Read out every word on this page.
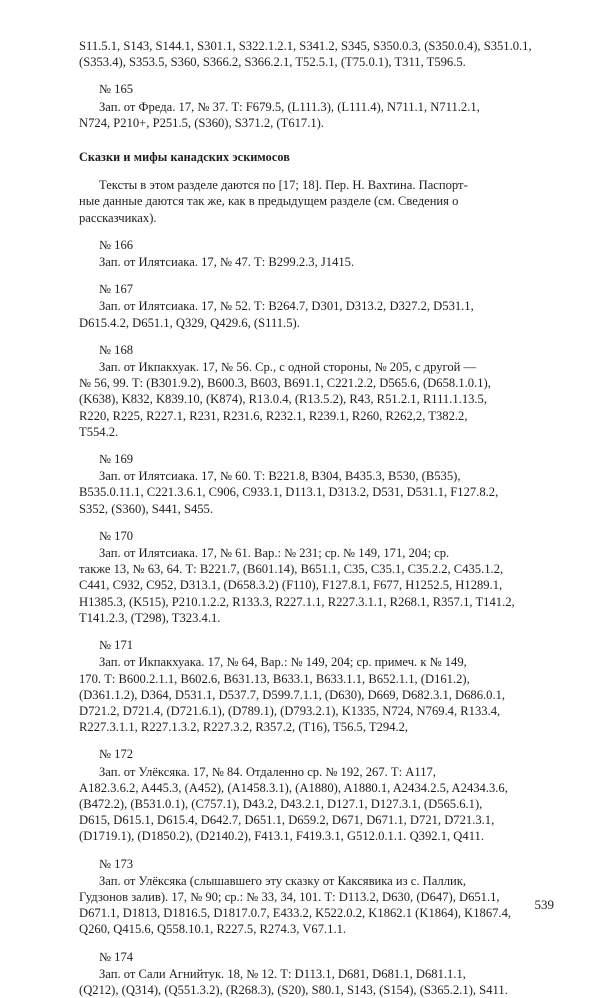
S11.5.1, S143, S144.1, S301.1, S322.1.2.1, S341.2, S345, S350.0.3, (S350.0.4), S351.0.1,
(S353.4), S353.5, S360, S366.2, S366.2.1, T52.5.1, (T75.0.1), T311, T596.5.
№ 165
Зап. от Фреда. 17, № 37. Т: F679.5, (L111.3), (L111.4), N711.1, N711.2.1,
N724, P210+, P251.5, (S360), S371.2, (T617.1).
Сказки и мифы канадских эскимосов
Тексты в этом разделе даются по [17; 18]. Пер. Н. Вахтина. Паспорт-
ные данные даются так же, как в предыдущем разделе (см. Сведения о
рассказчиках).
№ 166
Зап. от Илятсиака. 17, № 47. Т: B299.2.3, J1415.
№ 167
Зап. от Илятсиака. 17, № 52. Т: B264.7, D301, D313.2, D327.2, D531.1,
D615.4.2, D651.1, Q329, Q429.6, (S111.5).
№ 168
Зап. от Икпакхуак. 17, № 56. Ср., с одной стороны, № 205, с другой —
№ 56, 99. Т: (B301.9.2), B600.3, B603, B691.1, C221.2.2, D565.6, (D658.1.0.1),
(K638), K832, K839.10, (K874), R13.0.4, (R13.5.2), R43, R51.2.1, R111.1.13.5,
R220, R225, R227.1, R231, R231.6, R232.1, R239.1, R260, R262,2, T382.2,
T554.2.
№ 169
Зап. от Илятсиака. 17, № 60. Т: B221.8, B304, B435.3, B530, (B535),
B535.0.11.1, C221.3.6.1, C906, C933.1, D113.1, D313.2, D531, D531.1, F127.8.2,
S352, (S360), S441, S455.
№ 170
Зап. от Илятсиака. 17, № 61. Вар.: № 231; ср. № 149, 171, 204; ср.
также 13, № 63, 64. Т: B221.7, (B601.14), B651.1, C35, C35.1, C35.2.2, C435.1.2,
C441, C932, C952, D313.1, (D658.3.2) (F110), F127.8.1, F677, H1252.5, H1289.1,
H1385.3, (K515), P210.1.2.2, R133.3, R227.1.1, R227.3.1.1, R268.1, R357.1, T141.2,
T141.2.3, (T298), T323.4.1.
№ 171
Зап. от Икпакхуака. 17, № 64, Вар.: № 149, 204; ср. примеч. к № 149,
170. Т: B600.2.1.1, B602.6, B631.13, B633.1, B633.1.1, B652.1.1, (D161.2),
(D361.1.2), D364, D531.1, D537.7, D599.7.1.1, (D630), D669, D682.3.1, D686.0.1,
D721.2, D721.4, (D721.6.1), (D789.1), (D793.2.1), K1335, N724, N769.4, R133.4,
R227.3.1.1, R227.1.3.2, R227.3.2, R357.2, (T16), T56.5, T294.2,
№ 172
Зап. от Улёксяка. 17, № 84. Отдаленно ср. № 192, 267. Т: A117,
A182.3.6.2, A445.3, (A452), (A1458.3.1), (A1880), A1880.1, A2434.2.5, A2434.3.6,
(B472.2), (B531.0.1), (C757.1), D43.2, D43.2.1, D127.1, D127.3.1, (D565.6.1),
D615, D615.1, D615.4, D642.7, D651.1, D659.2, D671, D671.1, D721, D721.3.1,
(D1719.1), (D1850.2), (D2140.2), F413.1, F419.3.1, G512.0.1.1. Q392.1, Q411.
№ 173
Зап. от Улёксяка (слышавшего эту сказку от Каксявика из с. Паллик,
Гудзонов залив). 17, № 90; ср.: № 33, 34, 101. Т: D113.2, D630, (D647), D651.1,
D671.1, D1813, D1816.5, D1817.0.7, E433.2, K522.0.2, K1862.1 (K1864), K1867.4,
Q260, Q415.6, Q558.10.1, R227.5, R274.3, V67.1.1.
№ 174
Зап. от Сали Агнийтук. 18, № 12. Т: D113.1, D681, D681.1, D681.1.1,
(Q212), (Q314), (Q551.3.2), (R268.3), (S20), S80.1, S143, (S154), (S365.2.1), S411.
539
